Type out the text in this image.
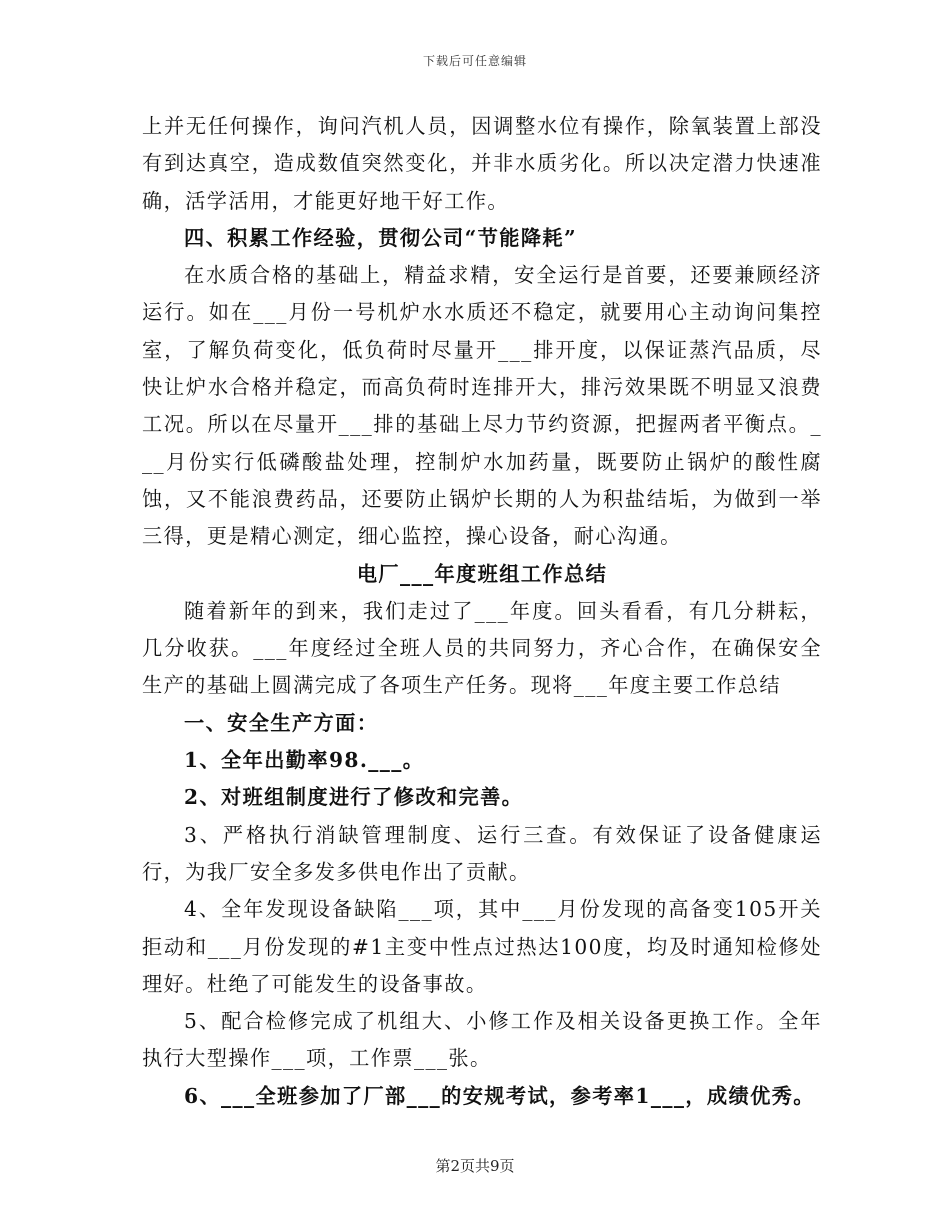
下载后可任意编辑

上并无任何操作，询问汽机人员，因调整水位有操作，除氧装置上部没有到达真空，造成数值突然变化，并非水质劣化。所以决定潜力快速准确，活学活用，才能更好地干好工作。

四、积累工作经验，贯彻公司“节能降耗”

在水质合格的基础上，精益求精，安全运行是首要，还要兼顾经济运行。如在___月份一号机炉水水质还不稳定，就要用心主动询问集控室，了解负荷变化，低负荷时尽量开___排开度，以保证蒸汽品质，尽快让炉水合格并稳定，而高负荷时连排开大，排污效果既不明显又浪费工况。所以在尽量开___排的基础上尽力节约资源，把握两者平衡点。___月份实行低磷酸盐处理，控制炉水加药量，既要防止锅炉的酸性腐蚀，又不能浪费药品，还要防止锅炉长期的人为积盐结垢，为做到一举三得，更是精心测定，细心监控，操心设备，耐心沟通。

电厂___年度班组工作总结

随着新年的到来，我们走过了___年度。回头看看，有几分耕耘，几分收获。___年度经过全班人员的共同努力，齐心合作，在确保安全生产的基础上圆满完成了各项生产任务。现将___年度主要工作总结

一、安全生产方面：

1、全年出勤率98.___。

2、对班组制度进行了修改和完善。

3、严格执行消缺管理制度、运行三查。有效保证了设备健康运行，为我厂安全多发多供电作出了贡献。

4、全年发现设备缺陷___项，其中___月份发现的高备变105开关拒动和___月份发现的#1主变中性点过热达100度，均及时通知检修处理好。杜绝了可能发生的设备事故。

5、配合检修完成了机组大、小修工作及相关设备更换工作。全年执行大型操作___项，工作票___张。

6、___全班参加了厂部___的安规考试，参考率1___，成绩优秀。

第2页共9页
